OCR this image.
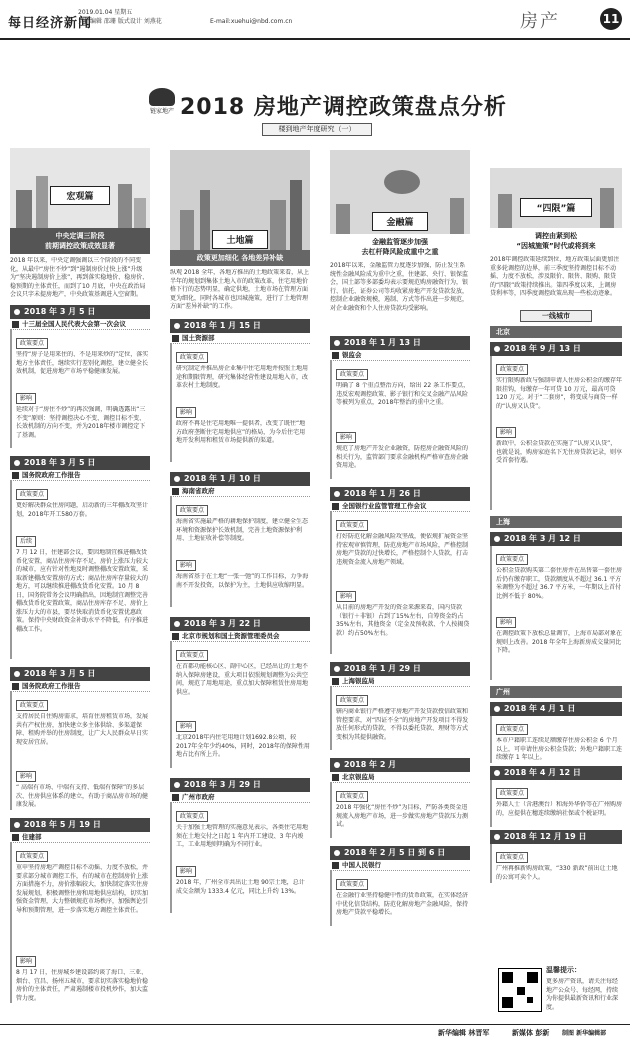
每日经济新闻
2019.01.04 星期五
责任编辑 邵珊 版式设计 刘燕花	E-mail:xuehui@nbd.com.cn	房产	11
链家地产 2018 房地产调控政策盘点分析
楼到地产年度研究（一）
宏观篇
中央定调三阶段
前期调控政策成效显著
2018 年以来，中央定调强调以三个阶段的不同变化，从最中“房住不炒”到“遏制房价过快上涨”升级为“坚决遏制房价上涨”，再到落实稳地价、稳房价、稳预期的主体责任，而到了10 月底，中央在政治局会议只字未提房地产，中央政策基调进入空窗期。
2018 年 3 月 5 日
十三届全国人民代表大会第一次会议
政策要点
坚持“房子是用来住的、不是用来炒的”定位，落实地方主体责任，继续实行差别化调控，建立健全长效机制，促进房地产市场平稳健康发展。
影响
延续对于“房住不炒”的再次强调，明确透露出“三不变”原则：坚持调控决心不变、调控目标不变、长效机制的方向不变，并为2018年楼市调控定下了基调。
2018 年 3 月 5 日
国务院政府工作报告
政策要点
更好解决群众住房问题，启动新的三年棚改攻坚计划，2018年开工580万套。
后续
7 月 12 日，住建部会议，要因地制宜推进棚改货币化安置，商品住房库存不足，房价上涨压力较大的城市，应有针对性地及时调整棚改安置政策，采取新建棚改安置房的方式；商品住房库存量较大的地方，可以继续推进棚改货币化安置。10 月 8 日，国务院常务会议明确指出，因地制宜调整完善棚改货币化安置政策，商品住房库存不足、房价上涨压力大的市县，要尽快取消货币化安置优惠政策。保持中央财政资金补助水平不降低，有序推进棚改工作。
2018 年 3 月 5 日
国务院政府工作报告
政策要点
支持居民自住购房需求，培育住房租赁市场，发展共有产权住房，加快建立多主体供给、多渠道保障、租购并举的住房制度，让广大人民群众早日实现安居宜居。
影响
“ 高端有市场、中端有支持、低端有保障”的多层次、住房供应体系的建立，有助于商品房市场的健康发展。
2018 年 5 月 19 日
住建部
政策要点
重申坚持房地产调控目标不动摇、力度不放松，并要求部分城市调控工作，有的城市在控制房价上涨方面措施不力，房价涨幅较大，加快制定落实住房发展规划，积极调整住房和用地供应结构，切实加强资金管理，大力整顿规范市场秩序，加强舆论引导和预期管理，进一步落实地方调控主体责任。
影响
8 月 17 日，住房城乡建设部约谈了海口、三亚、烟台、宜昌、扬州五城市，要求切实落实稳地价稳房价的主体责任，严肃遏制楼市投机炒作，加大监管力度。
土地篇
政策更加细化 各地差异补缺
纵观 2018 全年，各地方推出的土地政策来看，从上半年的规划到集体土地入市的政策改革，住宅用地价格下行的态势明显，确定供地，土地市场在管理方面更为细化，同时各城市也因城施策，进行了土地管理方面“差异补缺”的工作。
2018 年 1 月 15 日
国土资源部
政策要点
研究制定并推出房企业集中住宅用地并按照土地用途和期限管理，研究集体经营性建设用地入市，改革农村土地制度。
影响
政府不再是住宅用地唯一提供者，改变了既往“地方政府垄断住宅用地供应”的格局，为今后住宅用地开发利用和租赁市场提供新的渠道。
2018 年 1 月 10 日
海南省政府
政策要点
海南省实施最严格的耕地保护制度，建立健全生态环境和资源保护长效机制，完善土地资源保护利用、土地征收补偿等制度。
影响
海南省基于在土地“一张一弛”的工作目标，力争海南不开发投资，以保护为主，土地供应收缩明显。
2018 年 3 月 22 日
北京市规划和国土资源管理委员会
政策要点
在首都功能核心区、副中心区，已经出让的土地不纳入保障房建设，重大项目依照规划调整为公共空间，规范了用地用途，重点加大保障租赁住房用地供应。
影响
北京2018年内住宅用地计划1692.8公顷，较2017年全年少约40%，同时，2018年的保障性用地占比有所上升。
2018 年 3 月 29 日
广州市政府
政策要点
关于加强土地管理的实施意见表示，各类住宅用地须在土地交付之日起 1 年内开工建设、3 年内竣工，工业用地则明确为不同行业。
影响
2018 年，广州全市共出让土地 90宗土地，总计成交金额为 1333.4 亿元，同比上升约 13%。
金融篇
金融监管逐步加强
去杠杆降风险成重中之重
2018年以来，金融监管力度逐步加强，防止发生系统性金融风险成为重中之重，住建部、央行、银保监会，国土部等多部委均表示要规范购房融资行为，银行、信托、证券公司等均收紧房地产开发贷款发放，控制企业融资规模，遏制、方式等作出进一步规范，对企业融资和个人住房贷款均受影响。
2018 年 1 月 13 日
银监会
政策要点
明确了 8 个重点整治方向，给出 22 条工作要点，违反宏观调控政策、影子银行和交叉金融产品风险等被列为重点，2018年整治的重中之重。
影响
规范了房地产开发企业融资，防控房企融资风险的相关行为，监管部门要求金融机构严格审查房企融资用途。
2018 年 1 月 26 日
全国银行业监管管理工作会议
政策要点
打好防范化解金融风险攻坚战，便依规扩展资金坚持宏观审慎管理，防范房地产市场风险，严格控制房地产贷款的过快增长，严格控制个人贷款，打击违规资金流入房地产领域。
影响
从目前的房地产开发的资金来源来看，国内贷款（银行＋非银）占到了15%左右，自筹资金约占35%左右，其他资金（定金及预收款、个人按揭贷款）约占50%左右。
2018 年 1 月 29 日
上海银监局
政策要点
辖内商业银行严格遵守房地产开发贷款授信政策和管控要求，对“四证不全”的房地产开发项目不得发放任何形式的贷款，不得以委托贷款、理财等方式变相为其提供融资。
2018 年 2 月
北京银监局
政策要点
2018 年强化“房住不炒”为目标，严防各类资金违规流入房地产市场，进一步做实房地产贷款压力测试。
2018 年 2 月 5 日 到 6 日
中国人民银行
政策要点
在金融行业坚持稳健中性的货币政策，在实体经济中优化信贷结构，防范化解房地产金融风险，保持房地产贷款平稳增长。
“四限”篇
调控由紧到松
“因城施策”时代或将到来
2018年调控政策延续到位，地方政策层面更加注重多轮调控的边界，前三季度坚持调控目标不动摇、力度不放松，涉及限价、限售、限购、限贷的“四限”政策持续推出。第四季度以来，上调房贷利率等，四季度调控政策出现一些松动迹象。
一线城市
北京
2018 年 9 月 13 日
政策要点
实行限购新政与强制申请人住房公积金的缴存年限挂钩，每缴存一年可贷 10 万元，最高可贷 120 万元。对于“二套房”，将变成与商贷一样的“认房又认贷”。
影响
新政中，公积金贷款在实施了“认房又认贷”，也就是说，购房家庭名下无住房贷款记录，则享受首套待遇。
上海
2018 年 3 月 12 日
政策要点
公积金贷款购买第二套住房并在出售第一套住房后仍有缴存职工，贷款额度从不超过 36.1 平方米调整为不超过 36.7 平方米，一年期以上首付比例不低于 80%。
影响
在调控政策下放松总量调节，上海市局部对象在规则上改善。2018 年全年上海新房成交量同比下降。
广州
2018 年 4 月 1 日
政策要点
本市户籍职工连续足额缴存住房公积金 6 个月以上，可申请住房公积金贷款；外地户籍职工连续缴存 1 年以上。
2018 年 4 月 12 日
政策要点
外籍人士（含港澳台）和海外华侨等在广州购房的，应提供在穗连续缴纳社保或个税证明。
2018 年 12 月 19 日
政策要点
广州再推新购房政策，“330 新政”前出让土地的公寓可卖个人。
温馨提示：
更多房产资讯，请关注每经地产公众号、每经网，持续为你提供最新资讯和行业深度。
新华编辑 林晋军	新媒体 彭新 制图 新华编辑部
